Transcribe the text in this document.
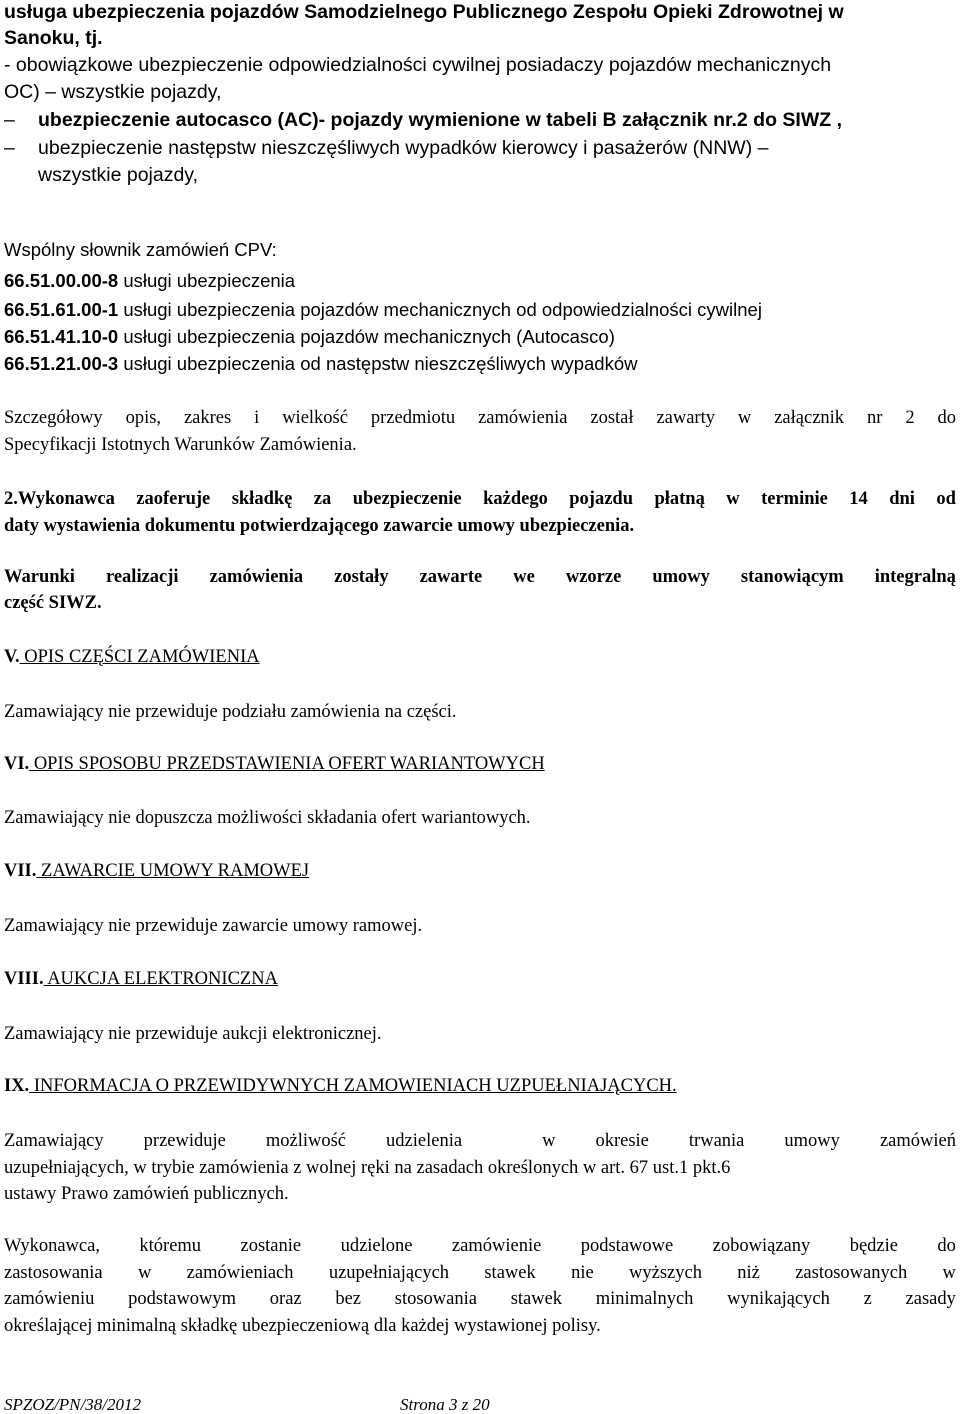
usługa ubezpieczenia pojazdów Samodzielnego Publicznego Zespołu Opieki Zdrowotnej w
Sanoku, tj.
- obowiązkowe ubezpieczenie odpowiedzialności cywilnej posiadaczy pojazdów mechanicznych
OC) – wszystkie pojazdy,
– ubezpieczenie autocasco (AC)- pojazdy wymienione w tabeli B załącznik nr.2 do SIWZ ,
– ubezpieczenie następstw nieszczęśliwych wypadków kierowcy i pasażerów (NNW) –
wszystkie pojazdy,
Wspólny słownik zamówień CPV:
66.51.00.00-8 usługi ubezpieczenia
66.51.61.00-1 usługi ubezpieczenia pojazdów mechanicznych od odpowiedzialności cywilnej
66.51.41.10-0 usługi ubezpieczenia pojazdów mechanicznych (Autocasco)
66.51.21.00-3 usługi ubezpieczenia od następstw nieszczęśliwych wypadków
Szczegółowy opis, zakres i wielkość przedmiotu zamówienia został zawarty w załącznik nr 2 do
Specyfikacji Istotnych Warunków Zamówienia.
2.Wykonawca zaoferuje składkę za ubezpieczenie każdego pojazdu płatną w terminie 14 dni od
daty wystawienia dokumentu potwierdzającego zawarcie umowy ubezpieczenia.
Warunki realizacji zamówienia zostały zawarte we wzorze umowy stanowiącym integralną
część SIWZ.
V. OPIS CZĘŚCI ZAMÓWIENIA
Zamawiający nie przewiduje podziału zamówienia na części.
VI. OPIS SPOSOBU PRZEDSTAWIENIA OFERT WARIANTOWYCH
Zamawiający nie dopuszcza możliwości składania ofert wariantowych.
VII. ZAWARCIE UMOWY RAMOWEJ
Zamawiający nie przewiduje zawarcie umowy ramowej.
VIII. AUKCJA ELEKTRONICZNA
Zamawiający nie przewiduje aukcji elektronicznej.
IX. INFORMACJA O PRZEWIDYWNYCH ZAMOWIENIACH UZPUEŁNIAJĄCYCH.
Zamawiający przewiduje możliwość udzielenia	w okresie trwania umowy zamówień
uzupełniających, w trybie zamówienia z wolnej ręki na zasadach określonych w art. 67 ust.1 pkt.6
ustawy Prawo zamówień publicznych.
Wykonawca, któremu zostanie udzielone zamówienie podstawowe zobowiązany będzie do
zastosowania w zamówieniach uzupełniających stawek nie wyższych niż zastosowanych w
zamówieniu podstawowym oraz bez stosowania stawek minimalnych wynikających z zasady
określającej minimalną składkę ubezpieczeniową dla każdej wystawionej polisy.
SPZOZ/PN/38/2012	Strona 3 z 20
